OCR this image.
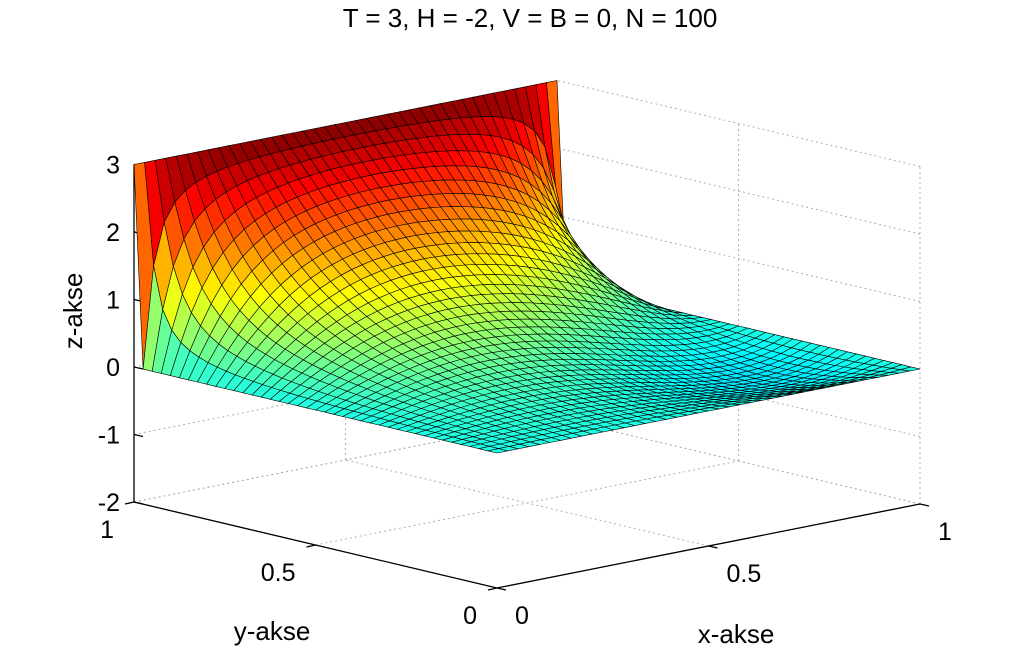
T = 3, H = -2, V = B = 0, N = 100
-2
-1
0
1
2
3
0
0.5
1
0
0.5
1
z-akse
y-akse	x-akse
